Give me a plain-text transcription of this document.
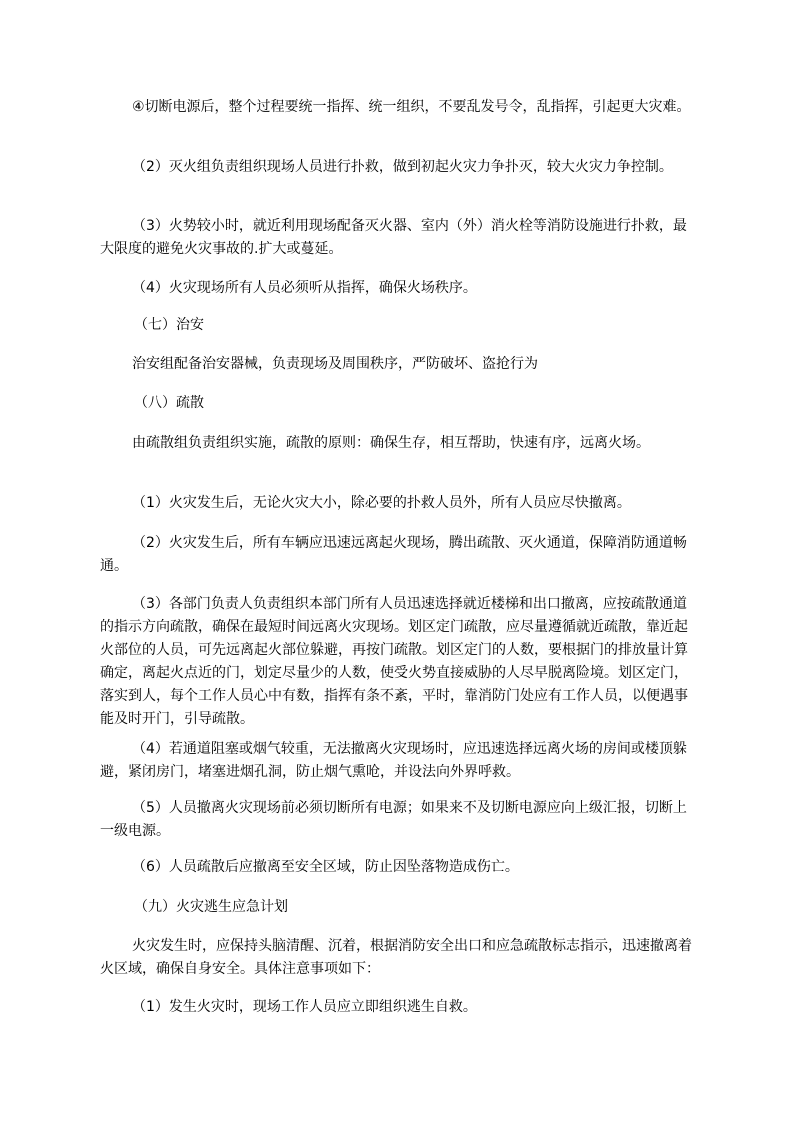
④切断电源后，整个过程要统一指挥、统一组织，不要乱发号令，乱指挥，引起更大灾难。

（2）灭火组负责组织现场人员进行扑救，做到初起火灾力争扑灭，较大火灾力争控制。

（3）火势较小时，就近利用现场配备灭火器、室内（外）消火栓等消防设施进行扑救，最大限度的避免火灾事故的.扩大或蔓延。

（4）火灾现场所有人员必须听从指挥，确保火场秩序。

（七）治安

治安组配备治安器械，负责现场及周围秩序，严防破坏、盗抢行为

（八）疏散

由疏散组负责组织实施，疏散的原则：确保生存，相互帮助，快速有序，远离火场。

（1）火灾发生后，无论火灾大小，除必要的扑救人员外，所有人员应尽快撤离。

（2）火灾发生后，所有车辆应迅速远离起火现场，腾出疏散、灭火通道，保障消防通道畅通。

（3）各部门负责人负责组织本部门所有人员迅速选择就近楼梯和出口撤离，应按疏散通道的指示方向疏散，确保在最短时间远离火灾现场。划区定门疏散，应尽量遵循就近疏散，靠近起火部位的人员，可先远离起火部位躲避，再按门疏散。划区定门的人数，要根据门的排放量计算确定，离起火点近的门，划定尽量少的人数，使受火势直接威胁的人尽早脱离险境。划区定门，落实到人，每个工作人员心中有数，指挥有条不紊，平时，靠消防门处应有工作人员，以便遇事能及时开门，引导疏散。

（4）若通道阻塞或烟气较重，无法撤离火灾现场时，应迅速选择远离火场的房间或楼顶躲避，紧闭房门，堵塞进烟孔洞，防止烟气熏呛，并设法向外界呼救。

（5）人员撤离火灾现场前必须切断所有电源；如果来不及切断电源应向上级汇报，切断上一级电源。

（6）人员疏散后应撤离至安全区域，防止因坠落物造成伤亡。

（九）火灾逃生应急计划

火灾发生时，应保持头脑清醒、沉着，根据消防安全出口和应急疏散标志指示，迅速撤离着火区域，确保自身安全。具体注意事项如下：

（1）发生火灾时，现场工作人员应立即组织逃生自救。
